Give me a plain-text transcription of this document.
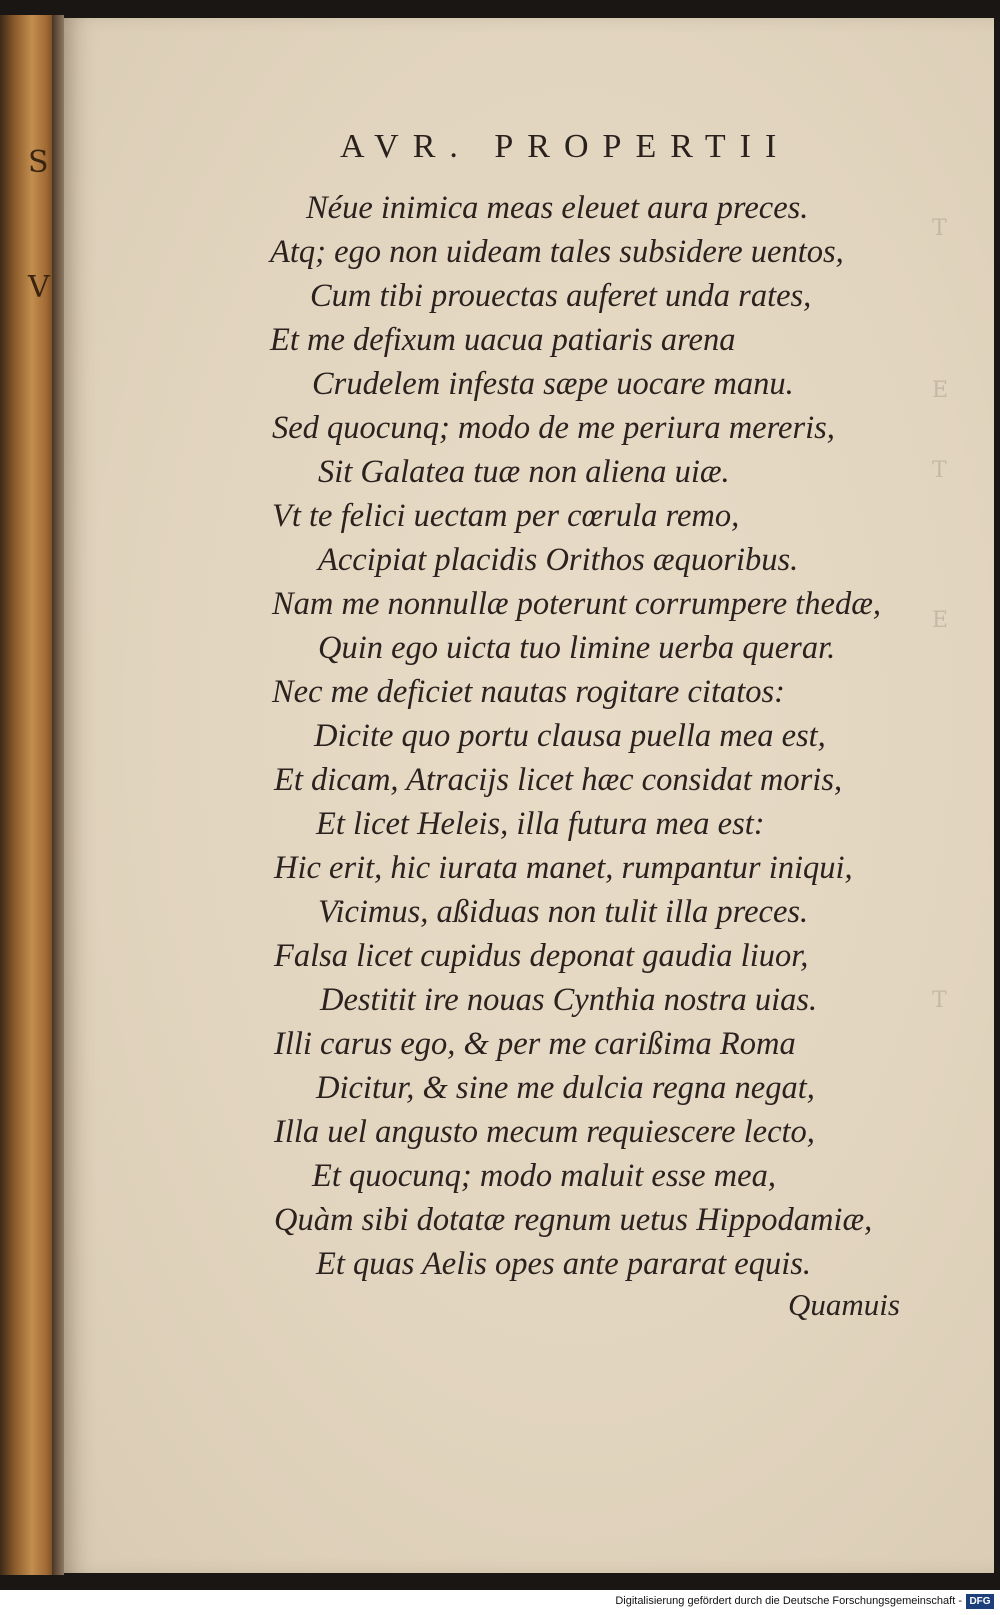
S
V
T
E
T
E
T
AVR. PROPERTII
Néue inimica meas eleuet aura preces.
Atq; ego non uideam tales subsidere uentos,
Cum tibi prouectas auferet unda rates,
Et me defixum uacua patiaris arena
Crudelem infesta sæpe uocare manu.
Sed quocunq; modo de me periura mereris,
Sit Galatea tuæ non aliena uiæ.
Vt te felici uectam per cœrula remo,
Accipiat placidis Orithos æquoribus.
Nam me nonnullæ poterunt corrumpere thedæ,
Quin ego uicta tuo limine uerba querar.
Nec me deficiet nautas rogitare citatos:
Dicite quo portu clausa puella mea est,
Et dicam, Atracijs licet hæc considat moris,
Et licet Heleis, illa futura mea est:
Hic erit, hic iurata manet, rumpantur iniqui,
Vicimus, aßiduas non tulit illa preces.
Falsa licet cupidus deponat gaudia liuor,
Destitit ire nouas Cynthia nostra uias.
Illi carus ego, & per me carißima Roma
Dicitur, & sine me dulcia regna negat,
Illa uel angusto mecum requiescere lecto,
Et quocunq; modo maluit esse mea,
Quàm sibi dotatæ regnum uetus Hippodamiæ,
Et quas Aelis opes ante pararat equis.
Quamuis
Digitalisierung gefördert durch die Deutsche Forschungsgemeinschaft - DFG
